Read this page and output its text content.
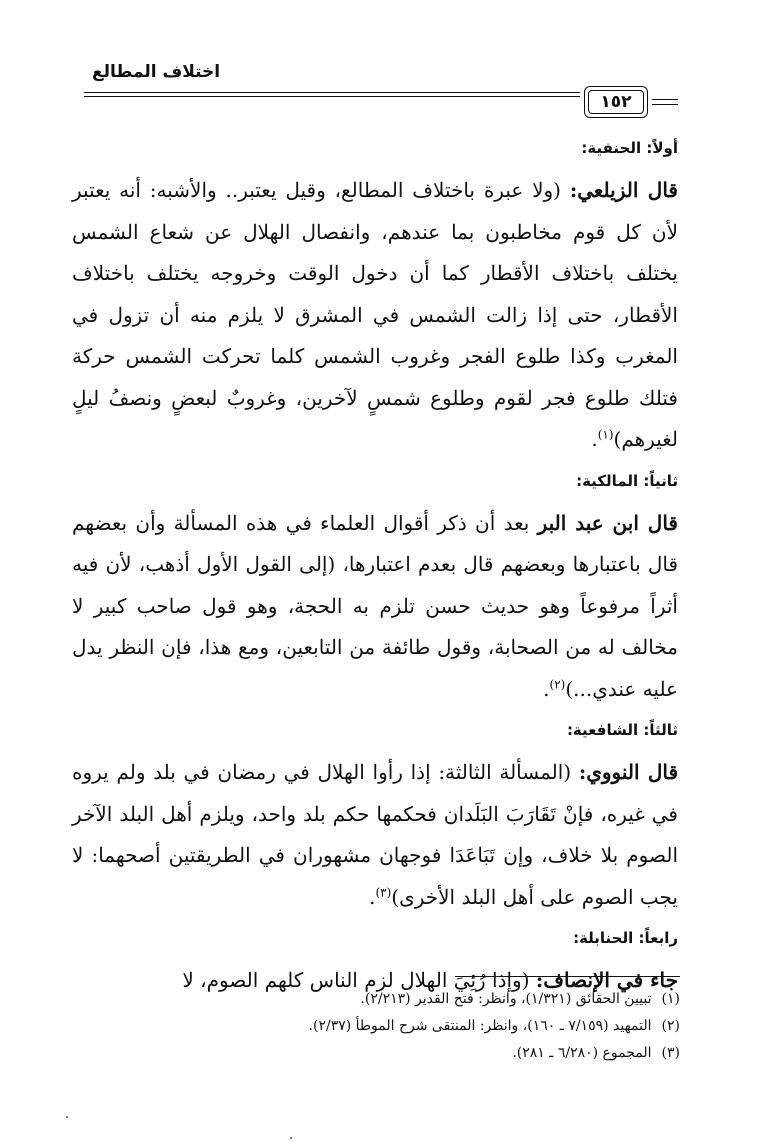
اختلاف المطالع
١٥٢
أولاً: الحنفية:

قال الزيلعي: (ولا عبرة باختلاف المطالع، وقيل يعتبر.. والأشبه: أنه يعتبر لأن كل قوم مخاطبون بما عندهم، وانفصال الهلال عن شعاع الشمس يختلف باختلاف الأقطار كما أن دخول الوقت وخروجه يختلف باختلاف الأقطار، حتى إذا زالت الشمس في المشرق لا يلزم منه أن تزول في المغرب وكذا طلوع الفجر وغروب الشمس كلما تحركت الشمس حركة فتلك طلوع فجر لقوم وطلوع شمسٍ لآخرين، وغروبٌ لبعضٍ ونصفُ ليلٍ لغيرهم)$^{(١)}$.

ثانياً: المالكية:

قال ابن عبد البر بعد أن ذكر أقوال العلماء في هذه المسألة وأن بعضهم قال باعتبارها وبعضهم قال بعدم اعتبارها، (إلى القول الأول أذهب، لأن فيه أثراً مرفوعاً وهو حديث حسن تلزم به الحجة، وهو قول صاحب كبير لا مخالف له من الصحابة، وقول طائفة من التابعين، ومع هذا، فإن النظر يدل عليه عندي...)$^{(٢)}$.

ثالثاً: الشافعية:

قال النووي: (المسألة الثالثة: إذا رأوا الهلال في رمضان في بلد ولم يروه في غيره، فإنْ تَقَارَبَ البَلَدان فحكمها حكم بلد واحد، ويلزم أهل البلد الآخر الصوم بلا خلاف، وإن تَبَاعَدَا فوجهان مشهوران في الطريقتين أصحهما: لا يجب الصوم على أهل البلد الأخرى)$^{(٣)}$.

رابعاً: الحنابلة:

جاء في الإنصاف: (وإذا رُئِيَ الهلال لزم الناس كلهم الصوم، لا

(١)تبيين الحقائق (١/٣٢١)، وانظر: فتح القدير (٢/٢١٣).
(٢)التمهيد (٧/١٥٩ ـ ١٦٠)، وانظر: المنتقى شرح الموطأ (٢/٣٧).
(٣)المجموع (٦/٢٨٠ ـ ٢٨١).
